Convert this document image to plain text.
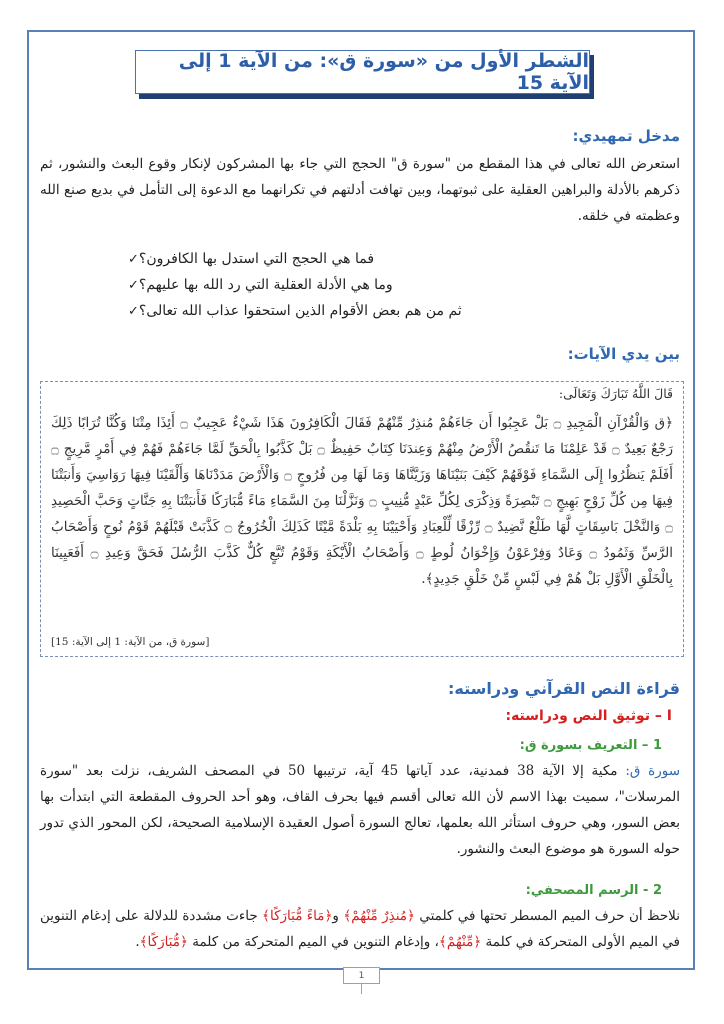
الشطر الأول من «سورة ق»: من الآية 1 إلى الآية 15
مدخل تمهيدي:
استعرض الله تعالى في هذا المقطع من "سورة ق" الحجج التي جاء بها المشركون لإنكار وقوع البعث والنشور، ثم ذكرهم بالأدلة والبراهين العقلية على ثبوتهما، وبين تهافت أدلتهم في تكرانهما مع الدعوة إلى التأمل في بديع صنع الله وعظمته في خلقه.
✓ فما هي الحجج التي استدل بها الكافرون؟
✓ وما هي الأدلة العقلية التي رد الله بها عليهم؟
✓ ثم من هم بعض الأقوام الذين استحقوا عذاب الله تعالى؟
بين يدي الآيات:
قَالَ اللَّهُ تَبَارَكَ وَتَعَالَى:
﴿ق وَالْقُرْآنِ الْمَجِيدِ ۝ بَلْ عَجِبُوا أَن جَاءَهُمْ مُنذِرٌ مِّنْهُمْ فَقَالَ الْكَافِرُونَ هَذَا شَيْءٌ عَجِيبٌ ۝ أَئِذَا مِتْنَا وَكُنَّا تُرَابًا ذَلِكَ رَجْعٌ بَعِيدٌ ۝ قَدْ عَلِمْنَا مَا تَنقُصُ الْأَرْضُ مِنْهُمْ وَعِندَنَا كِتَابٌ حَفِيظٌ ۝ بَلْ كَذَّبُوا بِالْحَقِّ لَمَّا جَاءَهُمْ فَهُمْ فِي أَمْرٍ مَّرِيجٍ ۝ أَفَلَمْ يَنظُرُوا إِلَى السَّمَاءِ فَوْقَهُمْ كَيْفَ بَنَيْنَاهَا وَزَيَّنَّاهَا وَمَا لَهَا مِن فُرُوجٍ ۝ وَالْأَرْضَ مَدَدْنَاهَا وَأَلْقَيْنَا فِيهَا رَوَاسِيَ وَأَنبَتْنَا فِيهَا مِن كُلِّ زَوْجٍ بَهِيجٍ ۝ تَبْصِرَةً وَذِكْرَى لِكُلِّ عَبْدٍ مُّنِيبٍ ۝ وَنَزَّلْنَا مِنَ السَّمَاءِ مَاءً مُّبَارَكًا فَأَنبَتْنَا بِهِ جَنَّاتٍ وَحَبَّ الْحَصِيدِ ۝ وَالنَّخْلَ بَاسِقَاتٍ لَّهَا طَلْعٌ نَّضِيدٌ ۝ رِّزْقًا لِّلْعِبَادِ وَأَحْيَيْنَا بِهِ بَلْدَةً مَّيْتًا كَذَلِكَ الْخُرُوجُ ۝ كَذَّبَتْ قَبْلَهُمْ قَوْمُ نُوحٍ وَأَصْحَابُ الرَّسِّ وَثَمُودُ ۝ وَعَادٌ وَفِرْعَوْنُ وَإِخْوَانُ لُوطٍ ۝ وَأَصْحَابُ الْأَيْكَةِ وَقَوْمُ تُبَّعٍ كُلٌّ كَذَّبَ الرُّسُلَ فَحَقَّ وَعِيدِ ۝ أَفَعَيِينَا بِالْخَلْقِ الْأَوَّلِ بَلْ هُمْ فِي لَبْسٍ مِّنْ خَلْقٍ جَدِيدٍ﴾.
[سورة ق، من الآية: 1 إلى الآية: 15]
قراءة النص القرآني ودراسته:
I – توثيق النص ودراسته:
1 – التعريف بسورة ق:
سورة ق: مكية إلا الآية 38 فمدنية، عدد آياتها 45 آية، ترتيبها 50 في المصحف الشريف، نزلت بعد "سورة المرسلات"، سميت بهذا الاسم لأن الله تعالى أقسم فيها بحرف القاف، وهو أحد الحروف المقطعة التي ابتدأت بها بعض السور، وهي حروف استأثر الله بعلمها، تعالج السورة أصول العقيدة الإسلامية الصحيحة، لكن المحور الذي تدور حوله السورة هو موضوع البعث والنشور.
2 - الرسم المصحفي:
نلاحظ أن حرف الميم المسطر تحتها في كلمتي ﴿مُنذِرٌ مِّنْهُمْ﴾ و﴿مَاءً مُّبَارَكًا﴾ جاءت مشددة للدلالة على إدغام التنوين في الميم الأولى المتحركة في كلمة ﴿مِّنْهُمْ﴾، وإدغام التنوين في الميم المتحركة من كلمة ﴿مُّبَارَكًا﴾.
1
